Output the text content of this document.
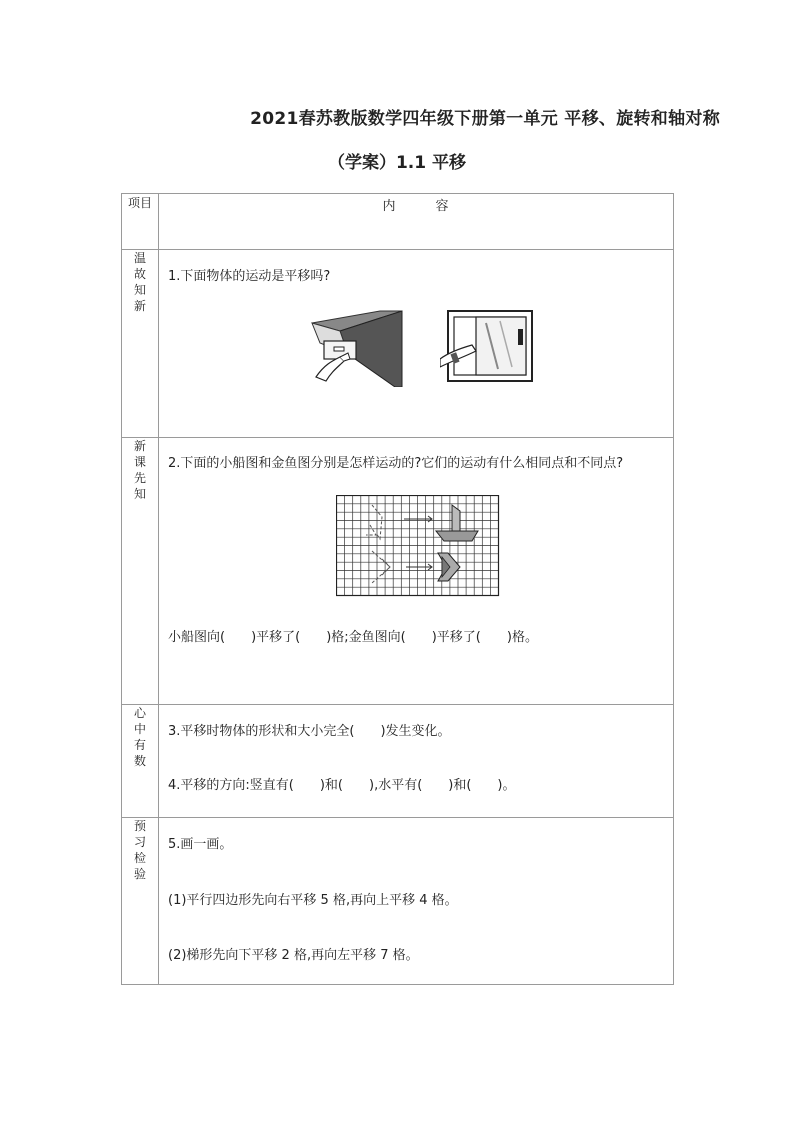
2021春苏教版数学四年级下册第一单元 平移、旋转和轴对称
（学案）1.1 平移
项目	内容
温故知新	1.下面物体的运动是平移吗?

新课先知	2.下面的小船图和金鱼图分别是怎样运动的?它们的运动有什么相同点和不同点?
小船图向(　　)平移了(　　)格;金鱼图向(　　)平移了(　　)格。

心中有数	3.平移时物体的形状和大小完全(　　)发生变化。
4.平移的方向:竖直有(　　)和(　　),水平有(　　)和(　　)。

预习检验	5.画一画。
(1)平行四边形先向右平移 5 格,再向上平移 4 格。
(2)梯形先向下平移 2 格,再向左平移 7 格。
